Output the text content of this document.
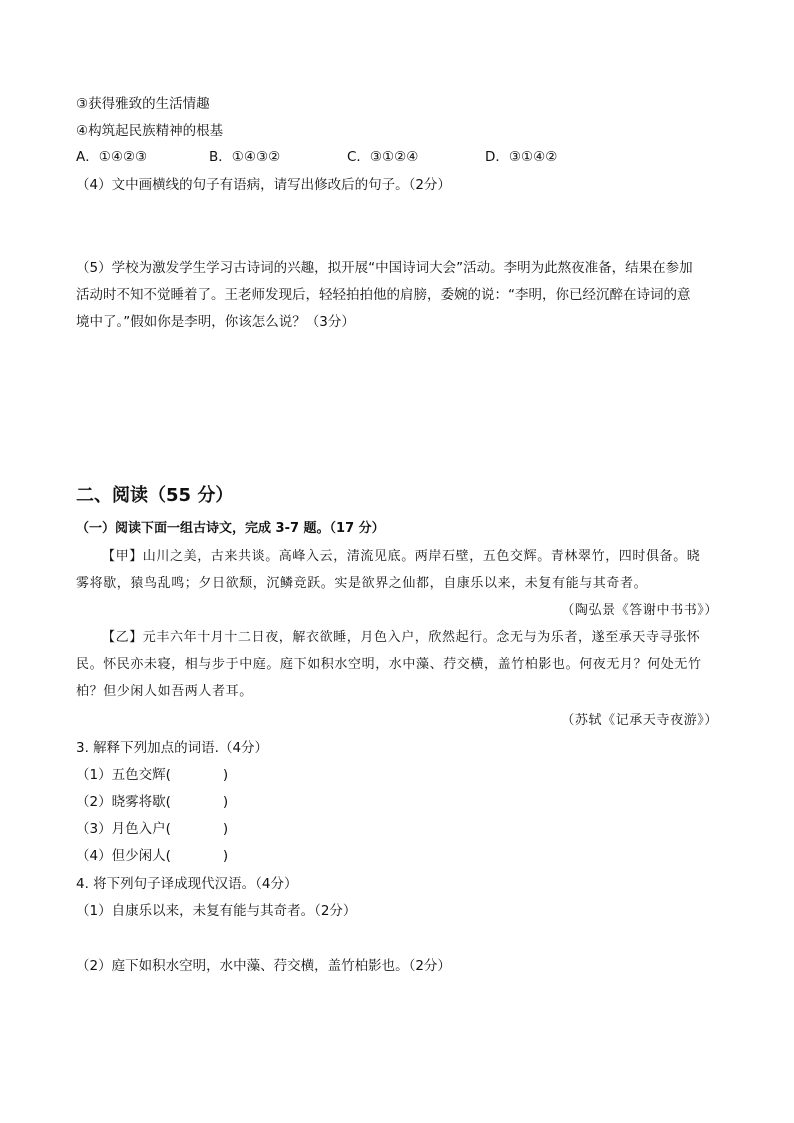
③获得雅致的生活情趣
④构筑起民族精神的根基
A．①④②③	B．①④③②	C．③①②④	D．③①④②
（4）文中画横线的句子有语病，请写出修改后的句子。（2分）
（5）学校为激发学生学习古诗词的兴趣，拟开展“中国诗词大会”活动。李明为此熬夜准备，结果在参加
活动时不知不觉睡着了。王老师发现后，轻轻拍拍他的肩膀，委婉的说：“李明，你已经沉醉在诗词的意
境中了。”假如你是李明，你该怎么说？（3分）
二、阅读（55 分）
（一）阅读下面一组古诗文，完成 3-7 题。（17 分）
【甲】山川之美，古来共谈。高峰入云，清流见底。两岸石壁，五色交辉。青林翠竹，四时俱备。晓
雾将歇，猿鸟乱鸣；夕日欲颓，沉鳞竞跃。实是欲界之仙都，自康乐以来，未复有能与其奇者。
（陶弘景《答谢中书书》）
【乙】元丰六年十月十二日夜，解衣欲睡，月色入户，欣然起行。念无与为乐者，遂至承天寺寻张怀
民。怀民亦未寝，相与步于中庭。庭下如积水空明，水中藻、荇交横，盖竹柏影也。何夜无月？何处无竹
柏？但少闲人如吾两人者耳。
（苏轼《记承天寺夜游》）
3. 解释下列加点的词语.（4分）
（1）五色交辉(	)
（2）晓雾将歇(	)
（3）月色入户(	)
（4）但少闲人(	)
4. 将下列句子译成现代汉语。（4分）
（1）自康乐以来，未复有能与其奇者。（2分）
（2）庭下如积水空明，水中藻、荇交横，盖竹柏影也。（2分）
